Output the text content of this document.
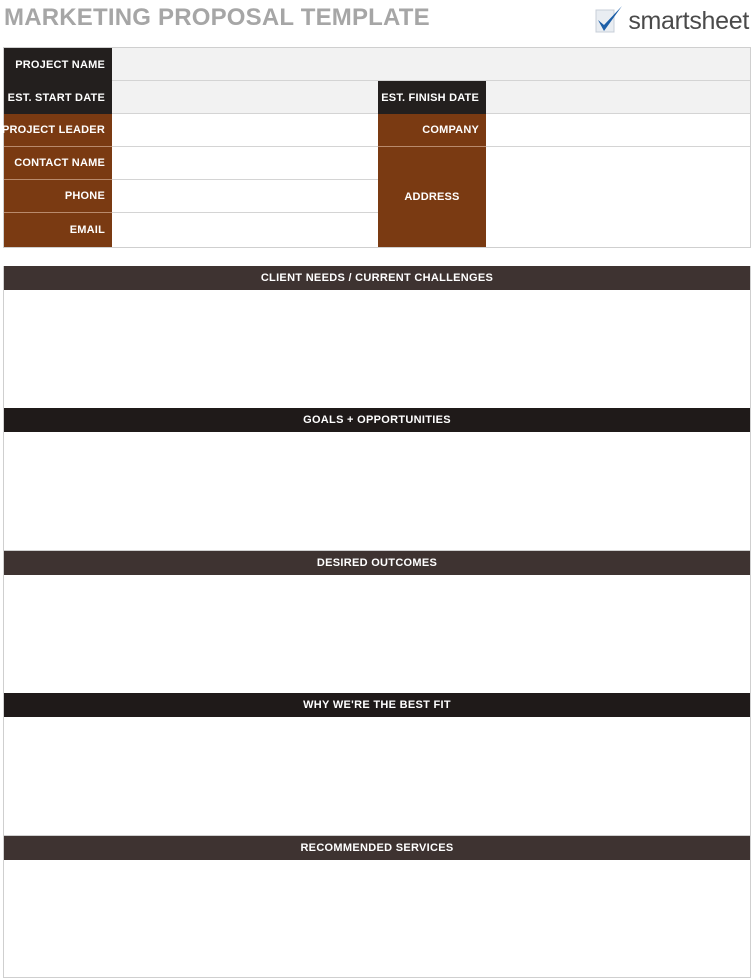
MARKETING PROPOSAL TEMPLATE	smartsheet
PROJECT NAME
EST. START DATE	EST. FINISH DATE
PROJECT LEADER	COMPANY
CONTACT NAME
PHONE
EMAIL
ADDRESS
CLIENT NEEDS / CURRENT CHALLENGES
GOALS + OPPORTUNITIES
DESIRED OUTCOMES
WHY WE'RE THE BEST FIT
RECOMMENDED SERVICES
